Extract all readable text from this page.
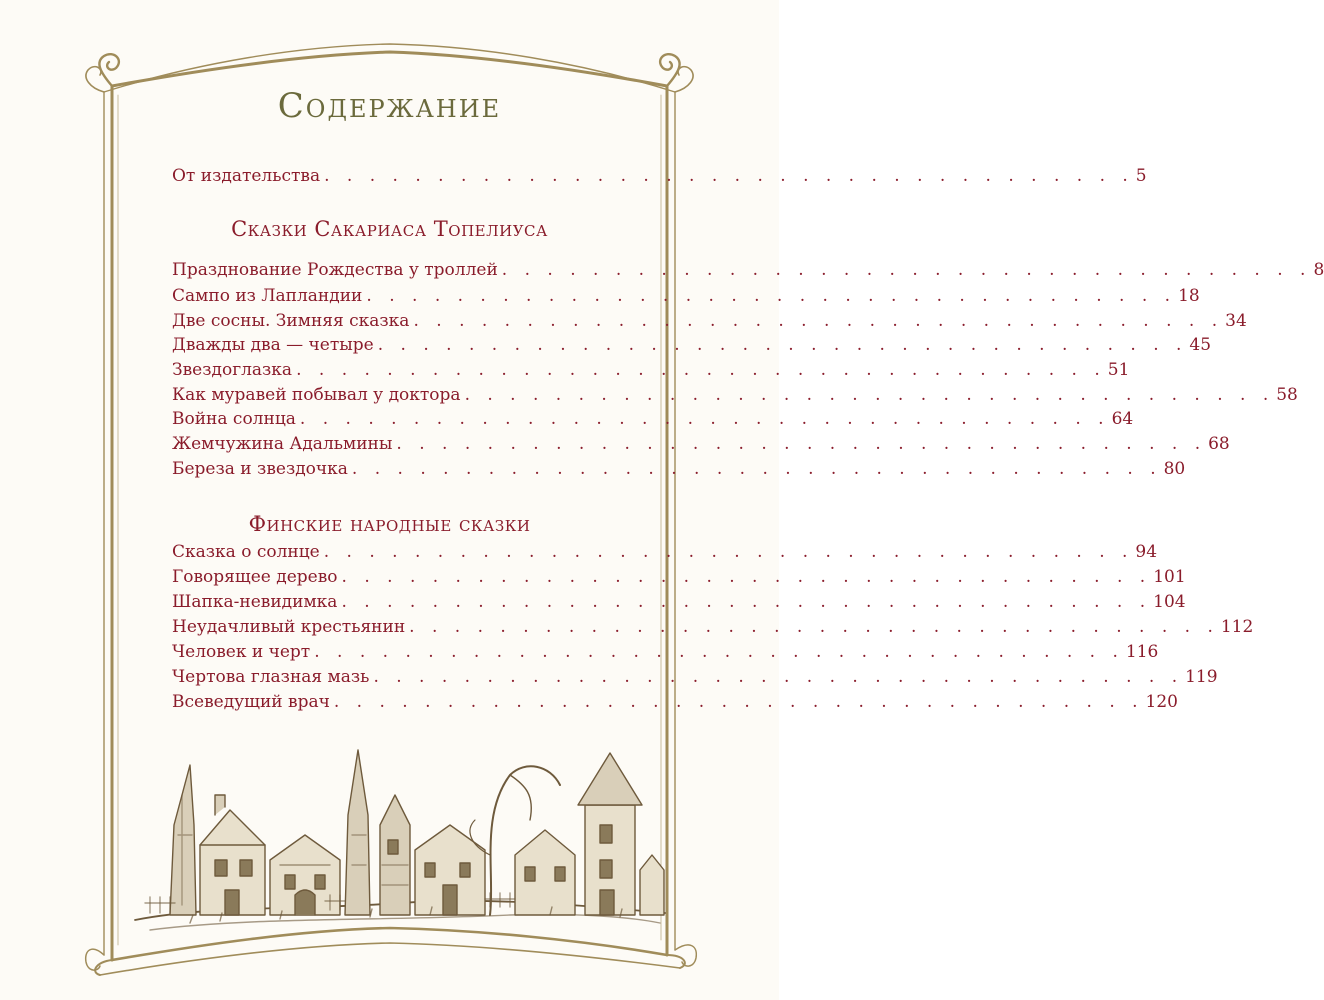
Содержание
От издательства . . . . . . . . . . . . . . . . . . . . . . . . . . . . . . . . . . . . 5
Сказки Сакариаса Топелиуса
Празднование Рождества у троллей . . . . . . . . . . . . . . . . . . . . . . . . . . . . . . . . . . . . 8
Сампо из Лапландии . . . . . . . . . . . . . . . . . . . . . . . . . . . . . . . . . . . . 18
Две сосны. Зимняя сказка . . . . . . . . . . . . . . . . . . . . . . . . . . . . . . . . . . . . 34
Дважды два — четыре . . . . . . . . . . . . . . . . . . . . . . . . . . . . . . . . . . . . 45
Звездоглазка . . . . . . . . . . . . . . . . . . . . . . . . . . . . . . . . . . . . 51
Как муравей побывал у доктора . . . . . . . . . . . . . . . . . . . . . . . . . . . . . . . . . . . . 58
Война солнца . . . . . . . . . . . . . . . . . . . . . . . . . . . . . . . . . . . . 64
Жемчужина Адальмины . . . . . . . . . . . . . . . . . . . . . . . . . . . . . . . . . . . . 68
Береза и звездочка . . . . . . . . . . . . . . . . . . . . . . . . . . . . . . . . . . . . 80
Финские народные сказки
Сказка о солнце . . . . . . . . . . . . . . . . . . . . . . . . . . . . . . . . . . . . 94
Говорящее дерево . . . . . . . . . . . . . . . . . . . . . . . . . . . . . . . . . . . . 101
Шапка-невидимка . . . . . . . . . . . . . . . . . . . . . . . . . . . . . . . . . . . . 104
Неудачливый крестьянин . . . . . . . . . . . . . . . . . . . . . . . . . . . . . . . . . . . . 112
Человек и черт . . . . . . . . . . . . . . . . . . . . . . . . . . . . . . . . . . . . 116
Чертова глазная мазь . . . . . . . . . . . . . . . . . . . . . . . . . . . . . . . . . . . . 119
Всеведущий врач . . . . . . . . . . . . . . . . . . . . . . . . . . . . . . . . . . . . 120
